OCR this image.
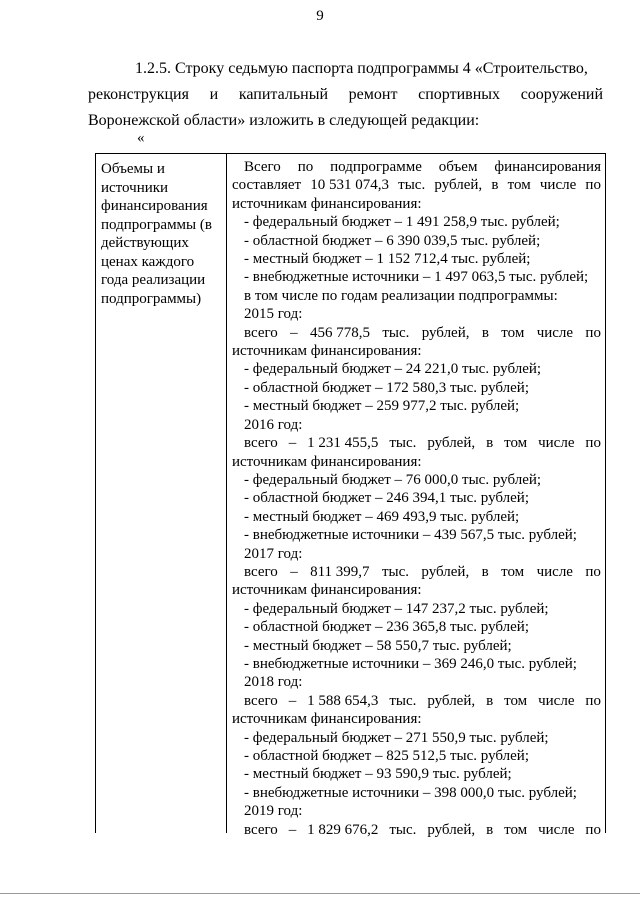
9

1.2.5. Строку седьмую паспорта подпрограммы 4 «Строительство,

реконструкция и капитальный ремонт спортивных сооружений Воронежской области» изложить в следующей редакции:

«
Объемы и
источники
финансирования
подпрограммы (в
действующих
ценах каждого
года реализации
подпрограммы)
Всего по подпрограмме объем финансирования
составляет 10 531 074,3 тыс. рублей, в том числе по
источникам финансирования:
- федеральный бюджет – 1 491 258,9 тыс. рублей;
- областной бюджет – 6 390 039,5 тыс. рублей;
- местный бюджет – 1 152 712,4 тыс. рублей;
- внебюджетные источники – 1 497 063,5 тыс. рублей;
в том числе по годам реализации подпрограммы:
2015 год:
всего – 456 778,5 тыс. рублей, в том числе по
источникам финансирования:
- федеральный бюджет – 24 221,0 тыс. рублей;
- областной бюджет – 172 580,3 тыс. рублей;
- местный бюджет – 259 977,2 тыс. рублей;
2016 год:
всего – 1 231 455,5 тыс. рублей, в том числе по
источникам финансирования:
- федеральный бюджет – 76 000,0 тыс. рублей;
- областной бюджет – 246 394,1 тыс. рублей;
- местный бюджет – 469 493,9 тыс. рублей;
- внебюджетные источники – 439 567,5 тыс. рублей;
2017 год:
всего – 811 399,7 тыс. рублей, в том числе по
источникам финансирования:
- федеральный бюджет – 147 237,2 тыс. рублей;
- областной бюджет – 236 365,8 тыс. рублей;
- местный бюджет – 58 550,7 тыс. рублей;
- внебюджетные источники – 369 246,0 тыс. рублей;
2018 год:
всего – 1 588 654,3 тыс. рублей, в том числе по
источникам финансирования:
- федеральный бюджет – 271 550,9 тыс. рублей;
- областной бюджет – 825 512,5 тыс. рублей;
- местный бюджет – 93 590,9 тыс. рублей;
- внебюджетные источники – 398 000,0 тыс. рублей;
2019 год:
всего – 1 829 676,2 тыс. рублей, в том числе по
